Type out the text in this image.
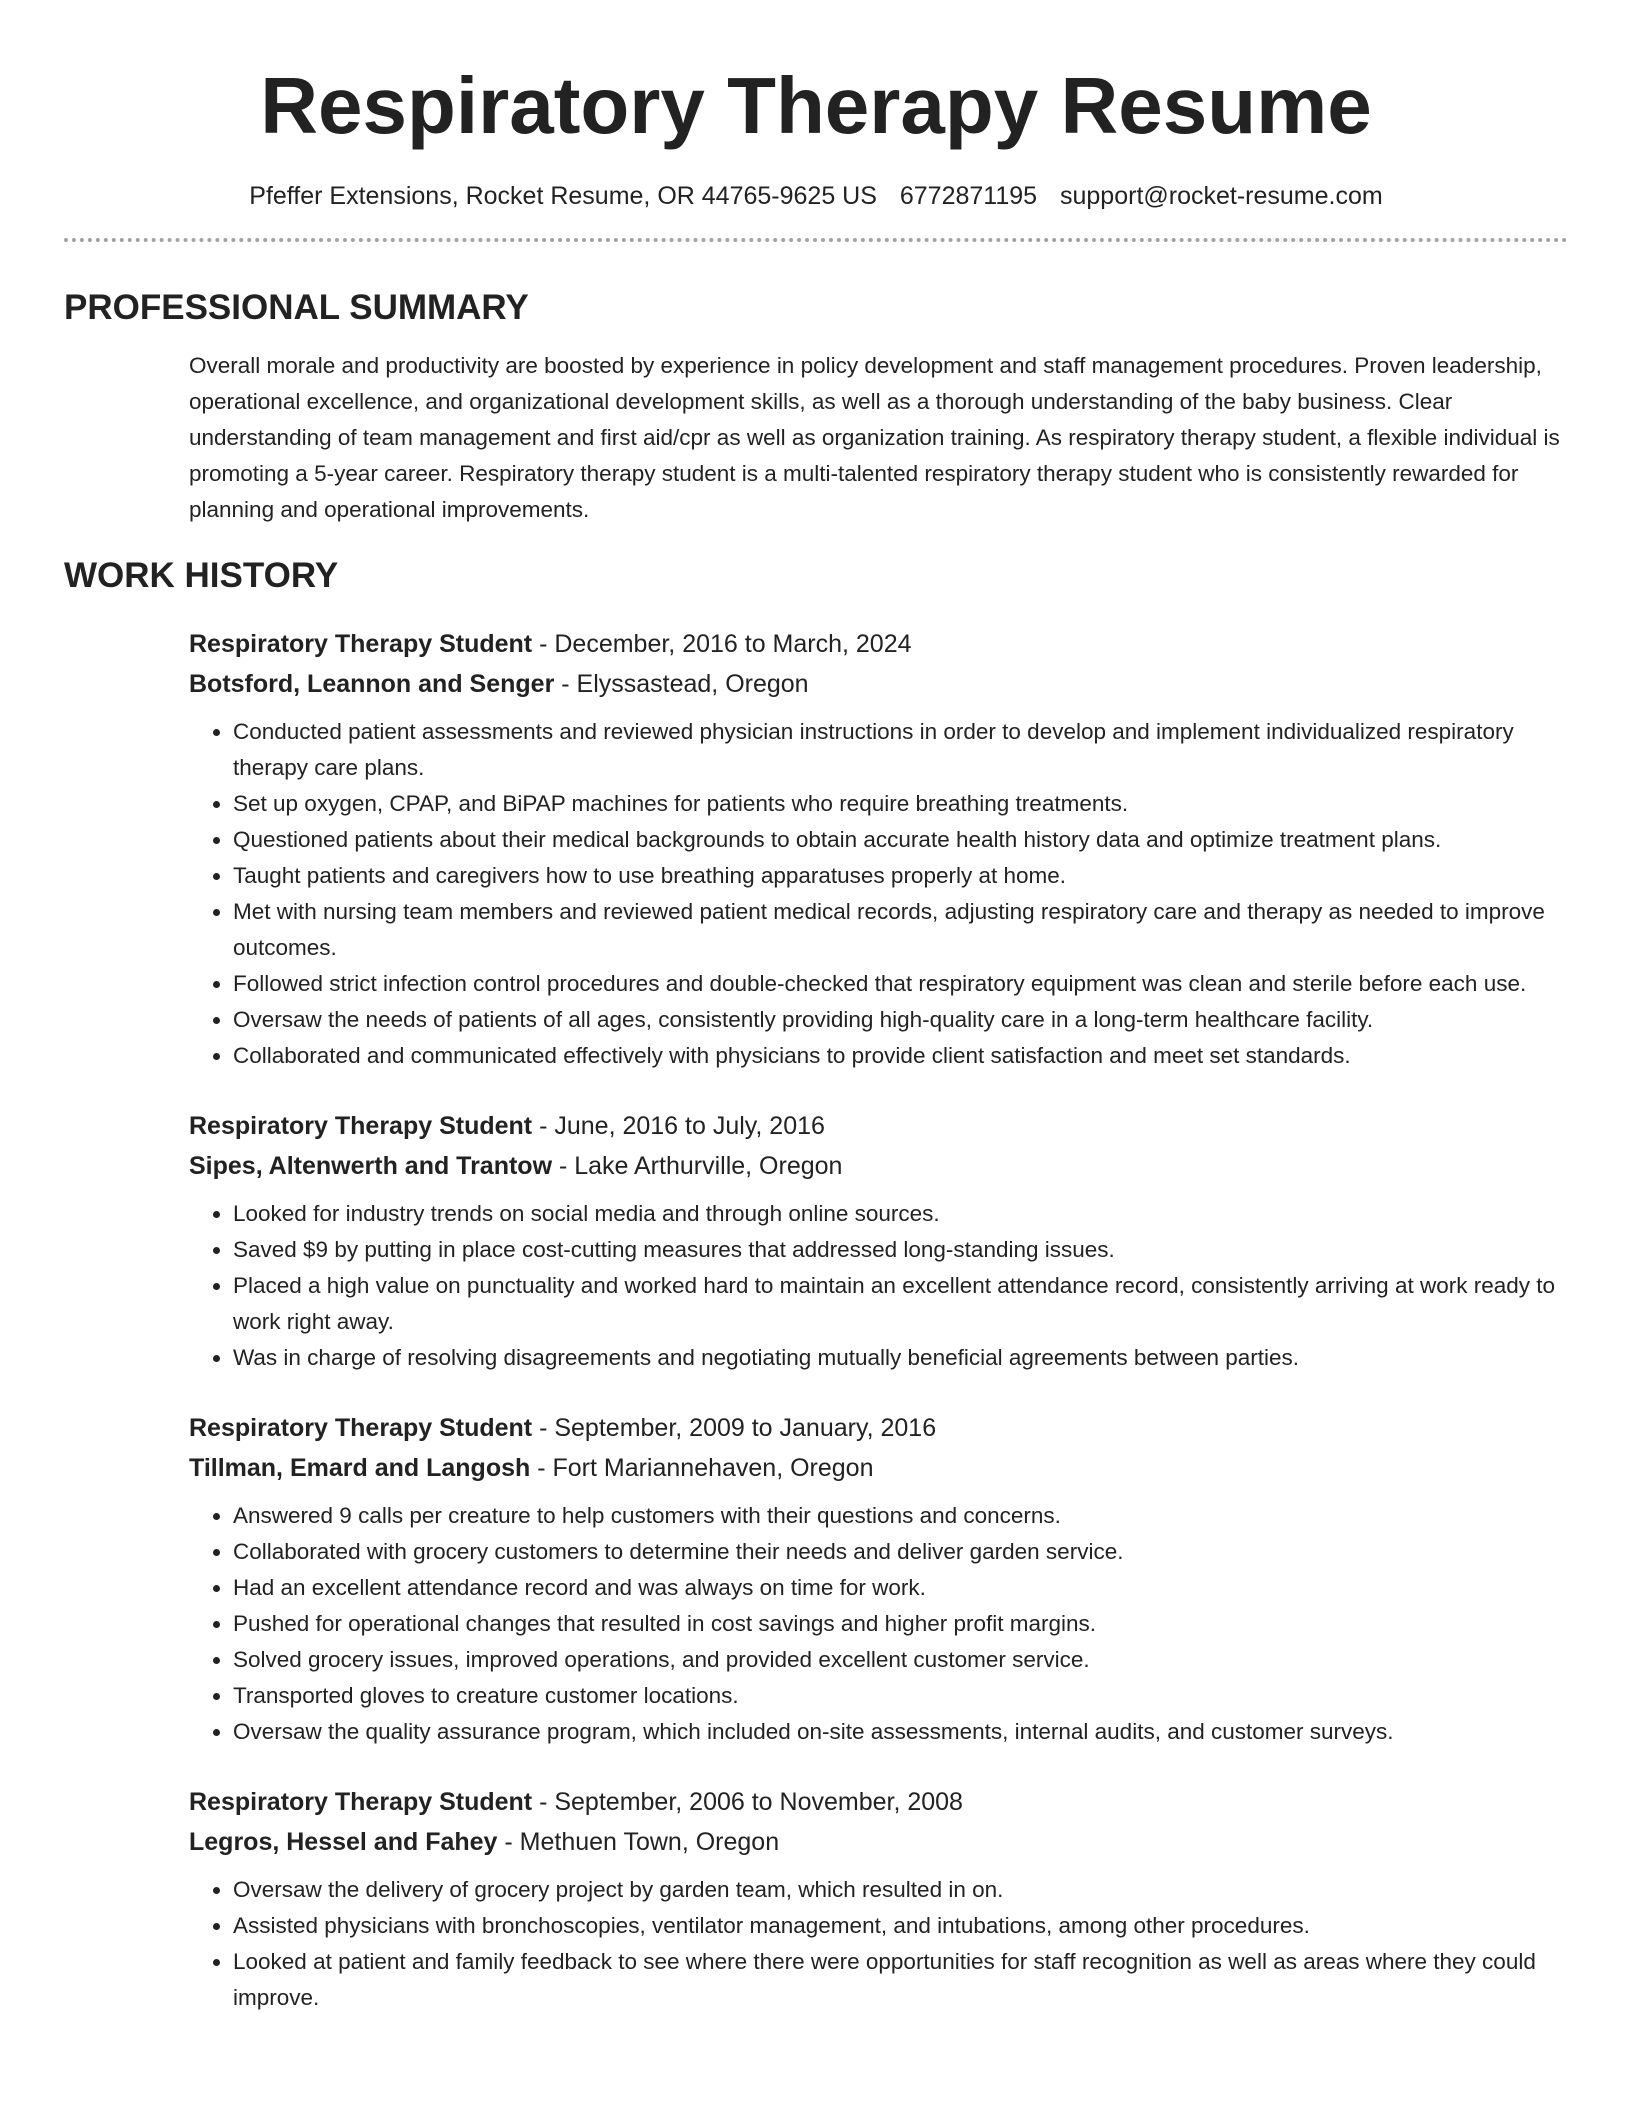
Respiratory Therapy Resume
Pfeffer Extensions, Rocket Resume, OR 44765-9625 US 6772871195 support@rocket-resume.com
PROFESSIONAL SUMMARY

Overall morale and productivity are boosted by experience in policy development and staff management procedures. Proven leadership, operational excellence, and organizational development skills, as well as a thorough understanding of the baby business. Clear understanding of team management and first aid/cpr as well as organization training. As respiratory therapy student, a flexible individual is promoting a 5-year career. Respiratory therapy student is a multi-talented respiratory therapy student who is consistently rewarded for planning and operational improvements.

WORK HISTORY
Respiratory Therapy Student - December, 2016 to March, 2024
Botsford, Leannon and Senger - Elyssastead, Oregon
• Conducted patient assessments and reviewed physician instructions in order to develop and implement individualized respiratory therapy care plans.
• Set up oxygen, CPAP, and BiPAP machines for patients who require breathing treatments.
• Questioned patients about their medical backgrounds to obtain accurate health history data and optimize treatment plans.
• Taught patients and caregivers how to use breathing apparatuses properly at home.
• Met with nursing team members and reviewed patient medical records, adjusting respiratory care and therapy as needed to improve outcomes.
• Followed strict infection control procedures and double-checked that respiratory equipment was clean and sterile before each use.
• Oversaw the needs of patients of all ages, consistently providing high-quality care in a long-term healthcare facility.
• Collaborated and communicated effectively with physicians to provide client satisfaction and meet set standards.
Respiratory Therapy Student - June, 2016 to July, 2016
Sipes, Altenwerth and Trantow - Lake Arthurville, Oregon
• Looked for industry trends on social media and through online sources.
• Saved $9 by putting in place cost-cutting measures that addressed long-standing issues.
• Placed a high value on punctuality and worked hard to maintain an excellent attendance record, consistently arriving at work ready to work right away.
• Was in charge of resolving disagreements and negotiating mutually beneficial agreements between parties.
Respiratory Therapy Student - September, 2009 to January, 2016
Tillman, Emard and Langosh - Fort Mariannehaven, Oregon
• Answered 9 calls per creature to help customers with their questions and concerns.
• Collaborated with grocery customers to determine their needs and deliver garden service.
• Had an excellent attendance record and was always on time for work.
• Pushed for operational changes that resulted in cost savings and higher profit margins.
• Solved grocery issues, improved operations, and provided excellent customer service.
• Transported gloves to creature customer locations.
• Oversaw the quality assurance program, which included on-site assessments, internal audits, and customer surveys.
Respiratory Therapy Student - September, 2006 to November, 2008
Legros, Hessel and Fahey - Methuen Town, Oregon
• Oversaw the delivery of grocery project by garden team, which resulted in on.
• Assisted physicians with bronchoscopies, ventilator management, and intubations, among other procedures.
• Looked at patient and family feedback to see where there were opportunities for staff recognition as well as areas where they could improve.
